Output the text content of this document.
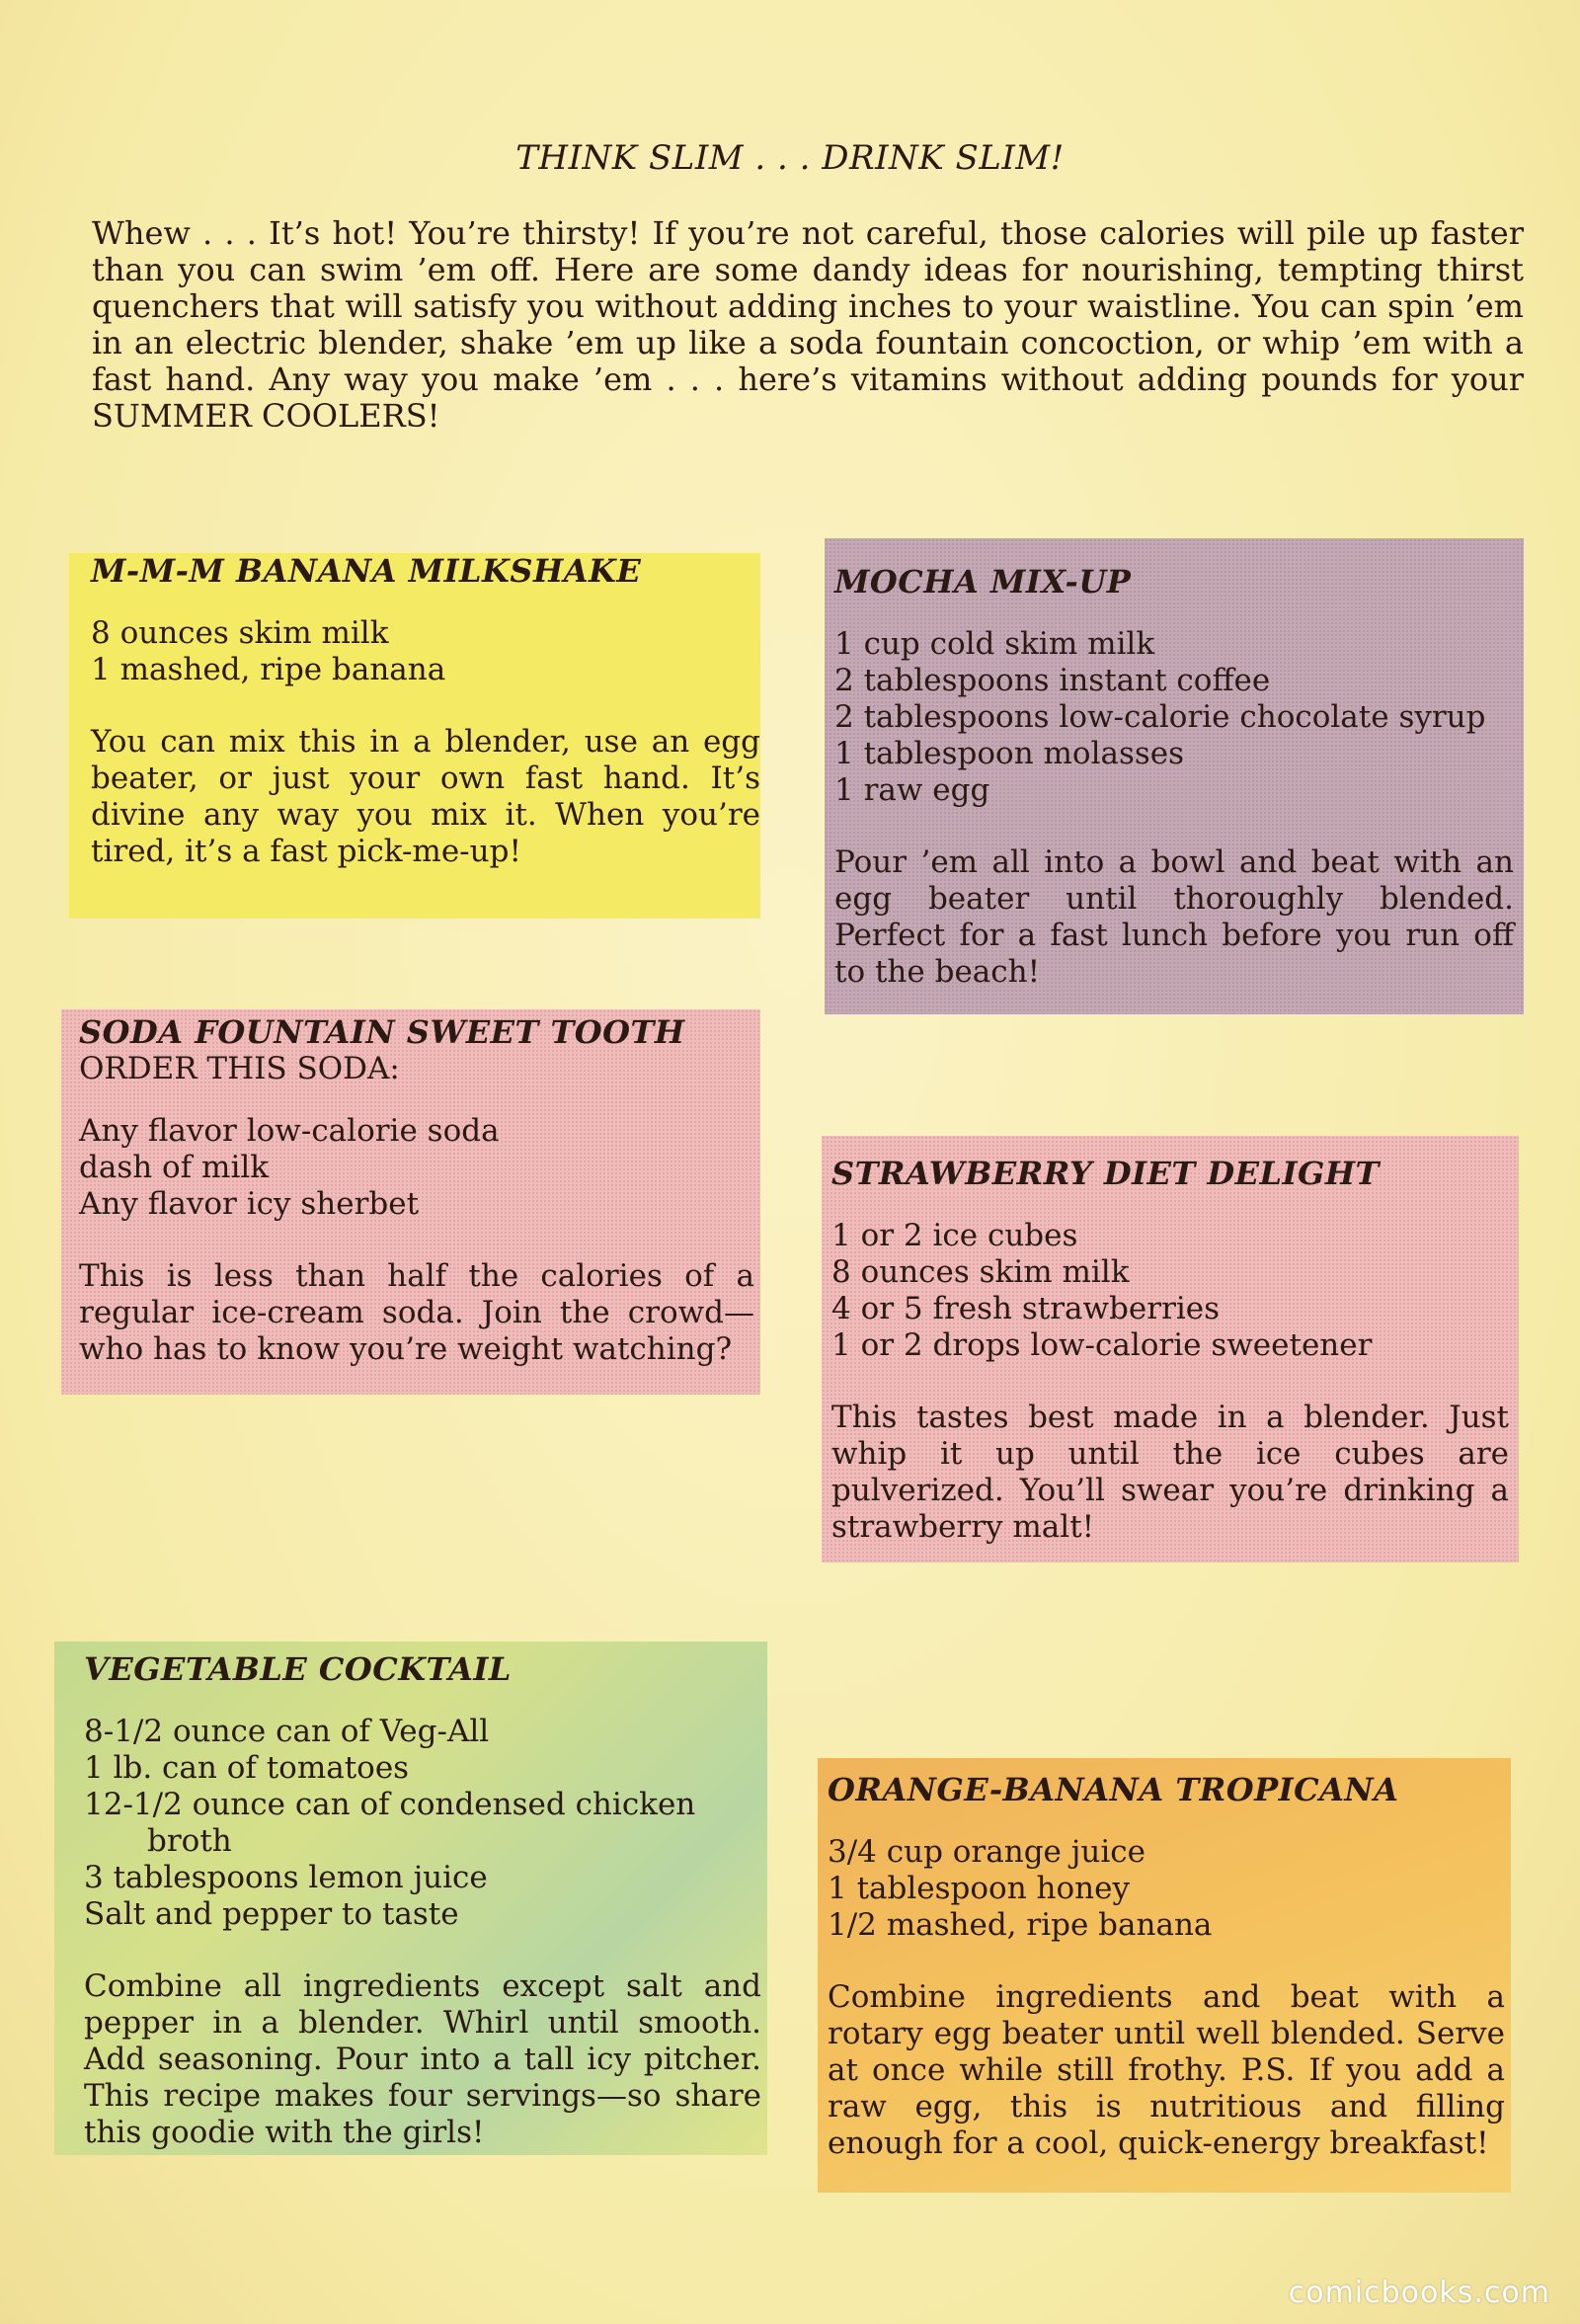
THINK SLIM . . . DRINK SLIM!
Whew . . . It’s hot! You’re thirsty! If you’re not careful, those calories will pile up faster than you can swim ’em off. Here are some dandy ideas for nourishing, tempting thirst quenchers that will satisfy you without adding inches to your waistline. You can spin ’em in an electric blender, shake ’em up like a soda fountain concoction, or whip ’em with a fast hand. Any way you make ’em . . . here’s vitamins without adding pounds for your SUMMER COOLERS!
M-M-M BANANA MILKSHAKE
8 ounces skim milk
1 mashed, ripe banana

You can mix this in a blender, use an egg beater, or just your own fast hand. It’s divine any way you mix it. When you’re tired, it’s a fast pick-me-up!

MOCHA MIX-UP
1 cup cold skim milk
2 tablespoons instant coffee
2 tablespoons low-calorie chocolate syrup
1 tablespoon molasses
1 raw egg

Pour ’em all into a bowl and beat with an egg beater until thoroughly blended. Perfect for a fast lunch before you run off to the beach!

SODA FOUNTAIN SWEET TOOTH
ORDER THIS SODA:
Any flavor low-calorie soda
dash of milk
Any flavor icy sherbet

This is less than half the calories of a regular ice-cream soda. Join the crowd—who has to know you’re weight watching?

STRAWBERRY DIET DELIGHT
1 or 2 ice cubes
8 ounces skim milk
4 or 5 fresh strawberries
1 or 2 drops low-calorie sweetener

This tastes best made in a blender. Just whip it up until the ice cubes are pulverized. You’ll swear you’re drinking a strawberry malt!

VEGETABLE COCKTAIL
8-1/2 ounce can of Veg-All
1 lb. can of tomatoes
12-1/2 ounce can of condensed chicken
broth
3 tablespoons lemon juice
Salt and pepper to taste

Combine all ingredients except salt and pepper in a blender. Whirl until smooth. Add seasoning. Pour into a tall icy pitcher. This recipe makes four servings—so share this goodie with the girls!

ORANGE-BANANA TROPICANA
3/4 cup orange juice
1 tablespoon honey
1/2 mashed, ripe banana

Combine ingredients and beat with a rotary egg beater until well blended. Serve at once while still frothy. P.S. If you add a raw egg, this is nutritious and filling enough for a cool, quick-energy breakfast!

comicbooks.com
